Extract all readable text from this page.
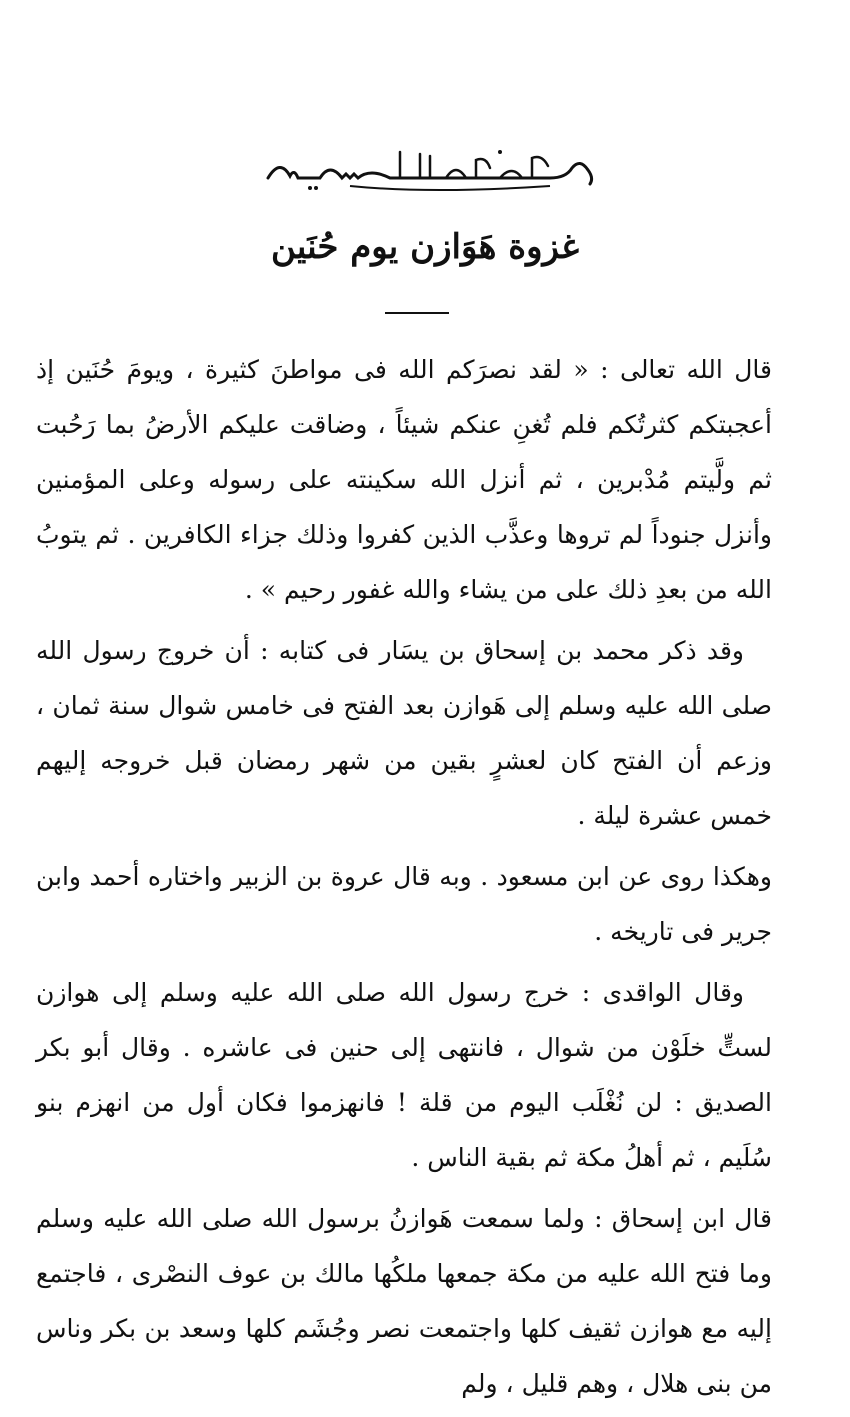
غزوة هَوَازن يوم حُنَين

قال الله تعالى : « لقد نصرَكم الله فى مواطنَ كثيرة ، ويومَ حُنَين إذ أعجبتكم كثرتُكم فلم تُغنِ عنكم شيئاً ، وضاقت عليكم الأرضُ بما رَحُبت ثم ولَّيتم مُدْبرين ، ثم أنزل الله سكينته على رسوله وعلى المؤمنين وأنزل جنوداً لم تروها وعذَّب الذين كفروا وذلك جزاء الكافرين . ثم يتوبُ الله من بعدِ ذلك على من يشاء والله غفور رحيم » .

وقد ذكر محمد بن إسحاق بن يسَار فى كتابه : أن خروج رسول الله صلى الله عليه وسلم إلى هَوازن بعد الفتح فى خامس شوال سنة ثمان ، وزعم أن الفتح كان لعشرٍ بقين من شهر رمضان قبل خروجه إليهم خمس عشرة ليلة .

وهكذا روى عن ابن مسعود . وبه قال عروة بن الزبير واختاره أحمد وابن جرير فى تاريخه .

وقال الواقدى : خرج رسول الله صلى الله عليه وسلم إلى هوازن لستٍّ خلَوْن من شوال ، فانتهى إلى حنين فى عاشره . وقال أبو بكر الصديق : لن نُغْلَب اليوم من قلة ! فانهزموا فكان أول من انهزم بنو سُلَيم ، ثم أهلُ مكة ثم بقية الناس .

قال ابن إسحاق : ولما سمعت هَوازنُ برسول الله صلى الله عليه وسلم وما فتح الله عليه من مكة جمعها ملكُها مالك بن عوف النصْرى ، فاجتمع إليه مع هوازن ثقيف كلها واجتمعت نصر وجُشَم كلها وسعد بن بكر وناس من بنى هلال ، وهم قليل ، ولم
